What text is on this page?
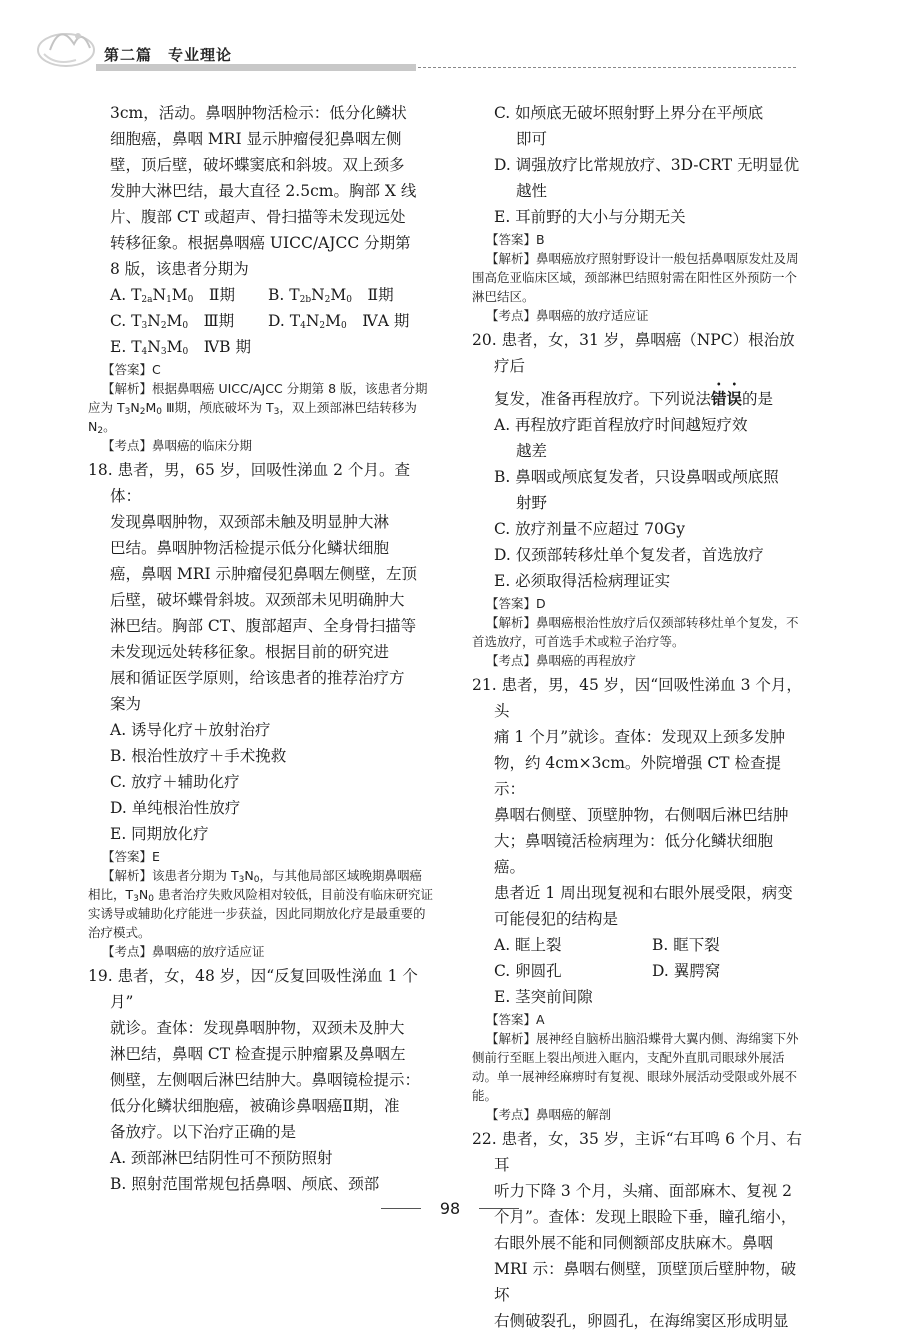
第二篇　专业理论
3cm，活动。鼻咽肿物活检示：低分化鳞状
细胞癌，鼻咽 MRI 显示肿瘤侵犯鼻咽左侧
壁，顶后壁，破坏蝶窦底和斜坡。双上颈多
发肿大淋巴结，最大直径 2.5cm。胸部 X 线
片、腹部 CT 或超声、骨扫描等未发现远处
转移征象。根据鼻咽癌 UICC/AJCC 分期第
8 版，该患者分期为
A. $T_{2a}N_1M_0$　 Ⅱ期	B. $T_{2b}N_2M_0$　 Ⅱ期
C. $T_3N_2M_0$　 Ⅲ期	D. $T_4N_2M_0$　 ⅣA 期
E. $T_4N_3M_0$　 ⅣB 期
【答案】C
【解析】根据鼻咽癌 UICC/AJCC 分期第 8 版，该患者分期应为 $T_3N_2M_0$ Ⅲ期，颅底破坏为 $T_3$，双上颈部淋巴结转移为 $N_2$。
【考点】鼻咽癌的临床分期
18. 患者，男，65 岁，回吸性涕血 2 个月。查体：
发现鼻咽肿物，双颈部未触及明显肿大淋
巴结。鼻咽肿物活检提示低分化鳞状细胞
癌，鼻咽 MRI 示肿瘤侵犯鼻咽左侧壁，左顶
后壁，破坏蝶骨斜坡。双颈部未见明确肿大
淋巴结。胸部 CT、腹部超声、全身骨扫描等
未发现远处转移征象。根据目前的研究进
展和循证医学原则，给该患者的推荐治疗方
案为
A. 诱导化疗＋放射治疗
B. 根治性放疗＋手术挽救
C. 放疗＋辅助化疗
D. 单纯根治性放疗
E. 同期放化疗
【答案】E
【解析】该患者分期为 $T_3N_0$，与其他局部区域晚期鼻咽癌相比，$T_3N_0$ 患者治疗失败风险相对较低，目前没有临床研究证实诱导或辅助化疗能进一步获益，因此同期放化疗是最重要的治疗模式。
【考点】鼻咽癌的放疗适应证
19. 患者，女，48 岁，因“反复回吸性涕血 1 个月”
就诊。查体：发现鼻咽肿物，双颈未及肿大
淋巴结，鼻咽 CT 检查提示肿瘤累及鼻咽左
侧壁，左侧咽后淋巴结肿大。鼻咽镜检提示：
低分化鳞状细胞癌，被确诊鼻咽癌Ⅱ期，准
备放疗。以下治疗正确的是
A. 颈部淋巴结阴性可不预防照射
B. 照射范围常规包括鼻咽、颅底、颈部
C. 如颅底无破坏照射野上界分在平颅底
即可
D. 调强放疗比常规放疗、3D-CRT 无明显优
越性
E. 耳前野的大小与分期无关
【答案】B
【解析】鼻咽癌放疗照射野设计一般包括鼻咽原发灶及周围高危亚临床区域，颈部淋巴结照射需在阳性区外预防一个淋巴结区。
【考点】鼻咽癌的放疗适应证
20. 患者，女，31 岁，鼻咽癌（NPC）根治放疗后
复发，准备再程放疗。下列说法错误的是
A. 再程放疗距首程放疗时间越短疗效
越差
B. 鼻咽或颅底复发者，只设鼻咽或颅底照
射野
C. 放疗剂量不应超过 70Gy
D. 仅颈部转移灶单个复发者，首选放疗
E. 必须取得活检病理证实
【答案】D
【解析】鼻咽癌根治性放疗后仅颈部转移灶单个复发，不首选放疗，可首选手术或粒子治疗等。
【考点】鼻咽癌的再程放疗
21. 患者，男，45 岁，因“回吸性涕血 3 个月，头
痛 1 个月”就诊。查体：发现双上颈多发肿
物，约 4cm×3cm。外院增强 CT 检查提示：
鼻咽右侧壁、顶壁肿物，右侧咽后淋巴结肿
大；鼻咽镜活检病理为：低分化鳞状细胞癌。
患者近 1 周出现复视和右眼外展受限，病变
可能侵犯的结构是
A. 眶上裂	B. 眶下裂
C. 卵圆孔	D. 翼腭窝
E. 茎突前间隙
【答案】A
【解析】展神经自脑桥出脑沿蝶骨大翼内侧、海绵窦下外侧前行至眶上裂出颅进入眶内，支配外直肌司眼球外展活动。单一展神经麻痹时有复视、眼球外展活动受限或外展不能。
【考点】鼻咽癌的解剖
22. 患者，女，35 岁，主诉“右耳鸣 6 个月、右耳
听力下降 3 个月，头痛、面部麻木、复视 2
个月”。查体：发现上眼睑下垂，瞳孔缩小，
右眼外展不能和同侧额部皮肤麻木。鼻咽
MRI 示：鼻咽右侧壁，顶壁顶后壁肿物，破坏
右侧破裂孔，卵圆孔，在海绵窦区形成明显
98
